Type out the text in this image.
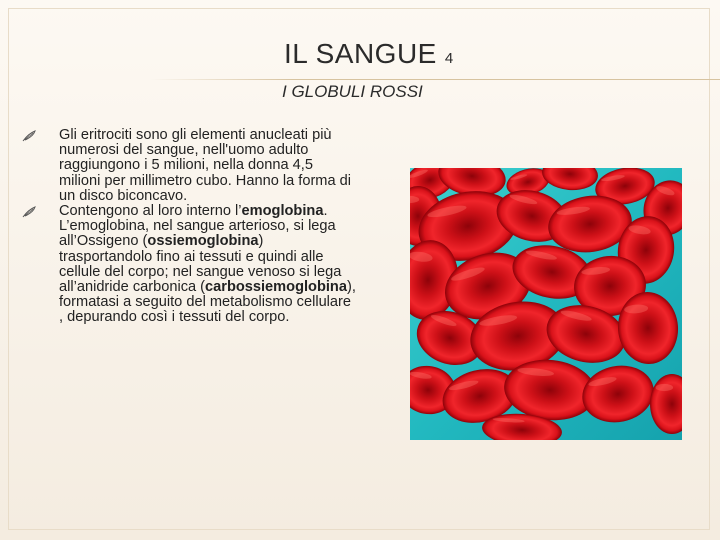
IL SANGUE 4
I GLOBULI ROSSI
Gli eritrociti sono gli elementi anucleati più numerosi del sangue, nell'uomo adulto raggiungono i 5 milioni, nella donna 4,5 milioni per millimetro cubo. Hanno la forma di un disco biconcavo.
Contengono al loro interno l’emoglobina. L’emoglobina, nel sangue arterioso, si lega all’Ossigeno (ossiemoglobina) trasportandolo fino ai tessuti e quindi alle cellule del corpo; nel sangue venoso si lega all’anidride carbonica (carbossiemoglobina), formatasi a seguito del metabolismo cellulare , depurando così i tessuti del corpo.
